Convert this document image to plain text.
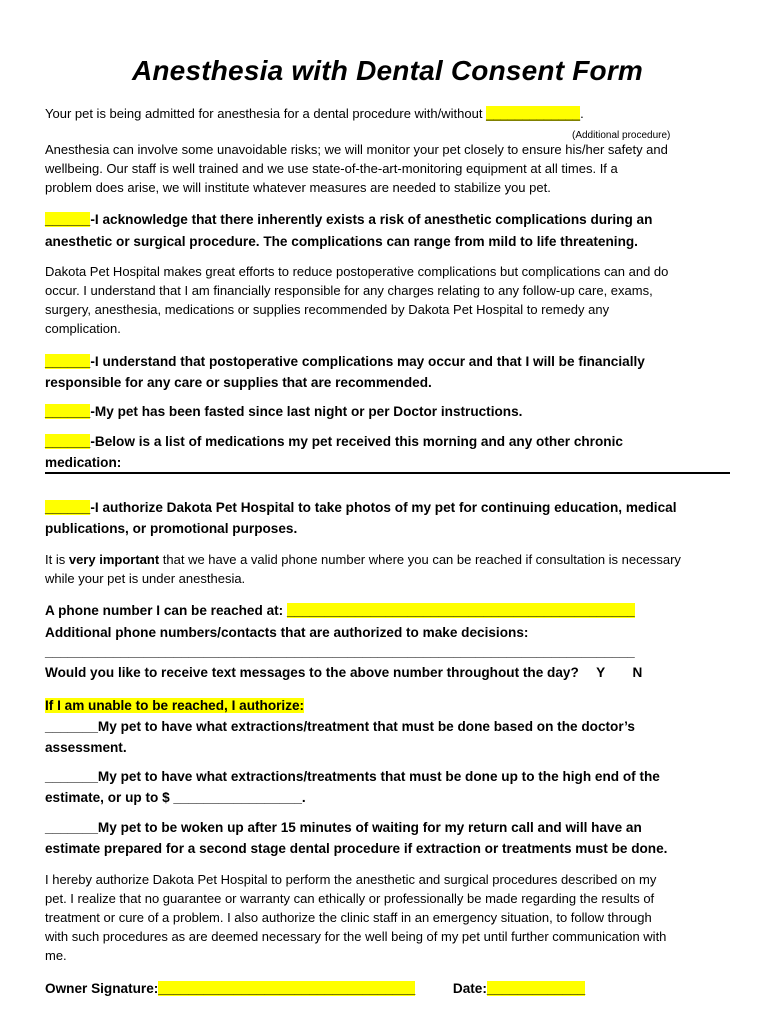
Anesthesia with Dental Consent Form
Your pet is being admitted for anesthesia for a dental procedure with/without _____________.
(Additional procedure)
Anesthesia can involve some unavoidable risks; we will monitor your pet closely to ensure his/her safety and
wellbeing. Our staff is well trained and we use state-of-the-art-monitoring equipment at all times. If a
problem does arise, we will institute whatever measures are needed to stabilize you pet.
______-I acknowledge that there inherently exists a risk of anesthetic complications during an
anesthetic or surgical procedure. The complications can range from mild to life threatening.
Dakota Pet Hospital makes great efforts to reduce postoperative complications but complications can and do
occur. I understand that I am financially responsible for any charges relating to any follow-up care, exams,
surgery, anesthesia, medications or supplies recommended by Dakota Pet Hospital to remedy any
complication.
______-I understand that postoperative complications may occur and that I will be financially
responsible for any care or supplies that are recommended.
______-My pet has been fasted since last night or per Doctor instructions.
______-Below is a list of medications my pet received this morning and any other chronic
medication:
______-I authorize Dakota Pet Hospital to take photos of my pet for continuing education, medical
publications, or promotional purposes.
It is very important that we have a valid phone number where you can be reached if consultation is necessary
while your pet is under anesthesia.
A phone number I can be reached at: ______________________________________________
Additional phone numbers/contacts that are authorized to make decisions:
______________________________________________________________________________
Would you like to receive text messages to the above number throughout the day? Y N
If I am unable to be reached, I authorize:
_______My pet to have what extractions/treatment that must be done based on the doctor’s
assessment.
_______My pet to have what extractions/treatments that must be done up to the high end of the
estimate, or up to $ _________________.
_______My pet to be woken up after 15 minutes of waiting for my return call and will have an
estimate prepared for a second stage dental procedure if extraction or treatments must be done.
I hereby authorize Dakota Pet Hospital to perform the anesthetic and surgical procedures described on my
pet. I realize that no guarantee or warranty can ethically or professionally be made regarding the results of
treatment or cure of a problem. I also authorize the clinic staff in an emergency situation, to follow through
with such procedures as are deemed necessary for the well being of my pet until further communication with
me.
Owner Signature:__________________________________	Date:_____________
